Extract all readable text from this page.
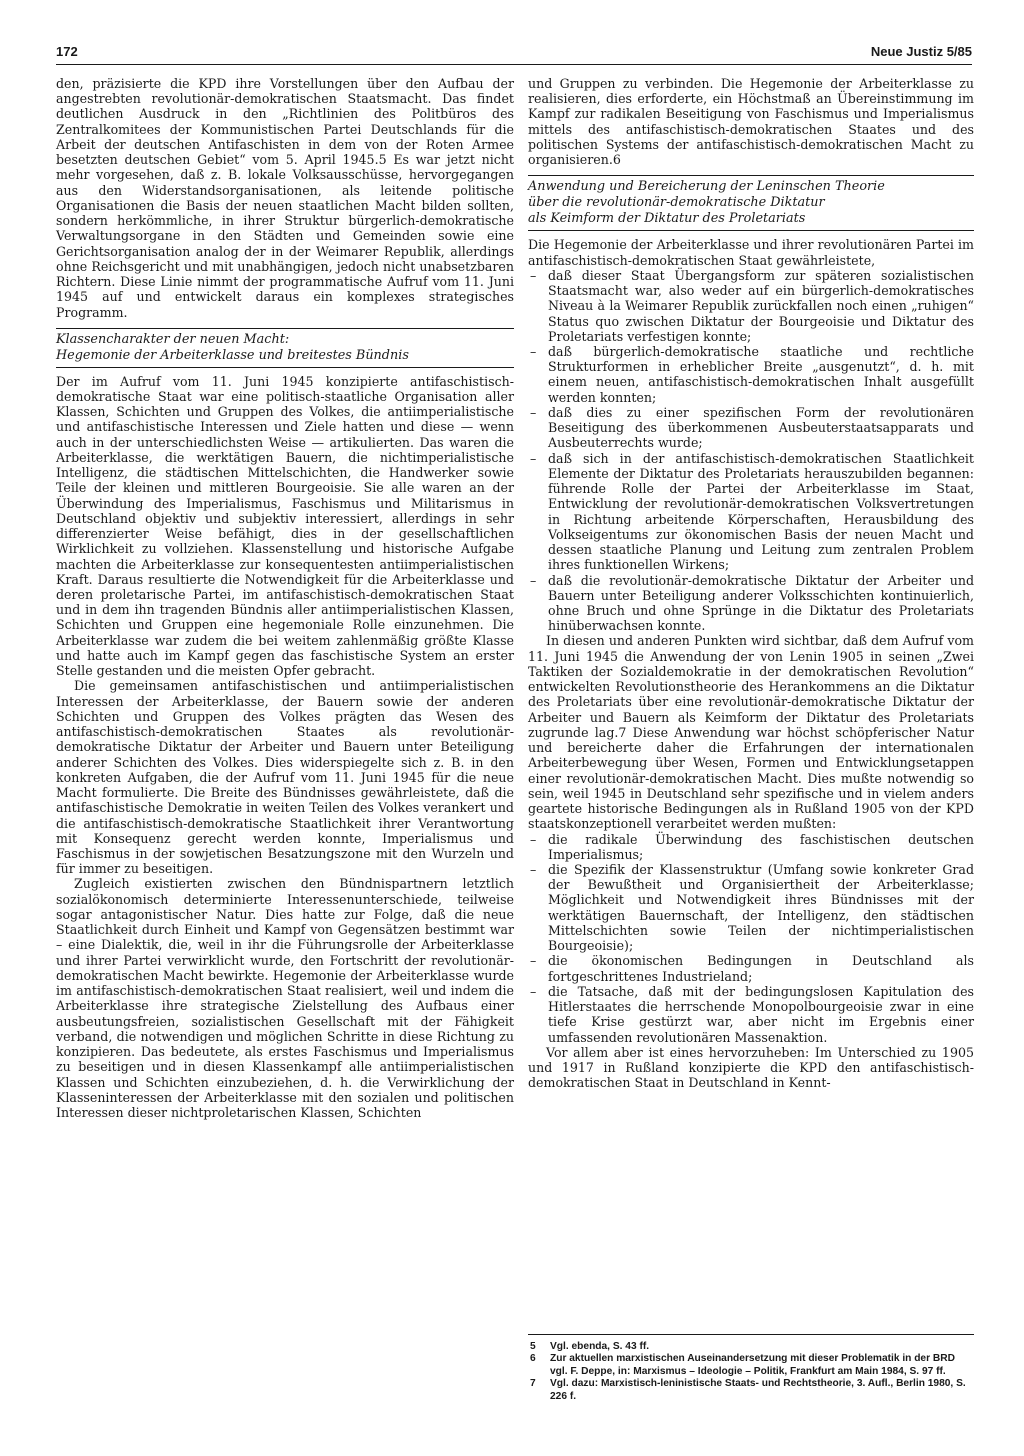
172	Neue Justiz 5/85

den, präzisierte die KPD ihre Vorstellungen über den Aufbau der angestrebten revolutionär-demokratischen Staatsmacht. Das findet deutlichen Ausdruck in den „Richtlinien des Politbüros des Zentralkomitees der Kommunistischen Partei Deutschlands für die Arbeit der deutschen Antifaschisten in dem von der Roten Armee besetzten deutschen Gebiet“ vom 5. April 1945.5 Es war jetzt nicht mehr vorgesehen, daß z. B. lokale Volksausschüsse, hervorgegangen aus den Widerstandsorganisationen, als leitende politische Organisationen die Basis der neuen staatlichen Macht bilden sollten, sondern herkömmliche, in ihrer Struktur bürgerlich-demokratische Verwaltungsorgane in den Städten und Gemeinden sowie eine Gerichtsorganisation analog der in der Weimarer Republik, allerdings ohne Reichsgericht und mit unabhängigen, jedoch nicht unabsetzbaren Richtern. Diese Linie nimmt der programmatische Aufruf vom 11. Juni 1945 auf und entwickelt daraus ein komplexes strategisches Programm.

Klassencharakter der neuen Macht:
Hegemonie der Arbeiterklasse und breitestes Bündnis

Der im Aufruf vom 11. Juni 1945 konzipierte antifaschistisch-demokratische Staat war eine politisch-staatliche Organisation aller Klassen, Schichten und Gruppen des Volkes, die antiimperialistische und antifaschistische Interessen und Ziele hatten und diese — wenn auch in der unterschiedlichsten Weise — artikulierten. Das waren die Arbeiterklasse, die werktätigen Bauern, die nichtimperialistische Intelligenz, die städtischen Mittelschichten, die Handwerker sowie Teile der kleinen und mittleren Bourgeoisie. Sie alle waren an der Überwindung des Imperialismus, Faschismus und Militarismus in Deutschland objektiv und subjektiv interessiert, allerdings in sehr differenzierter Weise befähigt, dies in der gesellschaftlichen Wirklichkeit zu vollziehen. Klassenstellung und historische Aufgabe machten die Arbeiterklasse zur konsequentesten antiimperialistischen Kraft. Daraus resultierte die Notwendigkeit für die Arbeiterklasse und deren proletarische Partei, im antifaschistisch-demokratischen Staat und in dem ihn tragenden Bündnis aller antiimperialistischen Klassen, Schichten und Gruppen eine hegemoniale Rolle einzunehmen. Die Arbeiterklasse war zudem die bei weitem zahlenmäßig größte Klasse und hatte auch im Kampf gegen das faschistische System an erster Stelle gestanden und die meisten Opfer gebracht.

Die gemeinsamen antifaschistischen und antiimperialistischen Interessen der Arbeiterklasse, der Bauern sowie der anderen Schichten und Gruppen des Volkes prägten das Wesen des antifaschistisch-demokratischen Staates als revolutionär-demokratische Diktatur der Arbeiter und Bauern unter Beteiligung anderer Schichten des Volkes. Dies widerspiegelte sich z. B. in den konkreten Aufgaben, die der Aufruf vom 11. Juni 1945 für die neue Macht formulierte. Die Breite des Bündnisses gewährleistete, daß die antifaschistische Demokratie in weiten Teilen des Volkes verankert und die antifaschistisch-demokratische Staatlichkeit ihrer Verantwortung mit Konsequenz gerecht werden konnte, Imperialismus und Faschismus in der sowjetischen Besatzungszone mit den Wurzeln und für immer zu beseitigen.

Zugleich existierten zwischen den Bündnispartnern letztlich sozialökonomisch determinierte Interessenunterschiede, teilweise sogar antagonistischer Natur. Dies hatte zur Folge, daß die neue Staatlichkeit durch Einheit und Kampf von Gegensätzen bestimmt war – eine Dialektik, die, weil in ihr die Führungsrolle der Arbeiterklasse und ihrer Partei verwirklicht wurde, den Fortschritt der revolutionär-demokratischen Macht bewirkte. Hegemonie der Arbeiterklasse wurde im antifaschistisch-demokratischen Staat realisiert, weil und indem die Arbeiterklasse ihre strategische Zielstellung des Aufbaus einer ausbeutungsfreien, sozialistischen Gesellschaft mit der Fähigkeit verband, die notwendigen und möglichen Schritte in diese Richtung zu konzipieren. Das bedeutete, als erstes Faschismus und Imperialismus zu beseitigen und in diesen Klassenkampf alle antiimperialistischen Klassen und Schichten einzubeziehen, d. h. die Verwirklichung der Klasseninteressen der Arbeiterklasse mit den sozialen und politischen Interessen dieser nichtproletarischen Klassen, Schichten

und Gruppen zu verbinden. Die Hegemonie der Arbeiterklasse zu realisieren, dies erforderte, ein Höchstmaß an Übereinstimmung im Kampf zur radikalen Beseitigung von Faschismus und Imperialismus mittels des antifaschistisch-demokratischen Staates und des politischen Systems der antifaschistisch-demokratischen Macht zu organisieren.6

Anwendung und Bereicherung der Leninschen Theorie
über die revolutionär-demokratische Diktatur
als Keimform der Diktatur des Proletariats

Die Hegemonie der Arbeiterklasse und ihrer revolutionären Partei im antifaschistisch-demokratischen Staat gewährleistete,

– daß dieser Staat Übergangsform zur späteren sozialistischen Staatsmacht war, also weder auf ein bürgerlich-demokratisches Niveau à la Weimarer Republik zurückfallen noch einen „ruhigen“ Status quo zwischen Diktatur der Bourgeoisie und Diktatur des Proletariats verfestigen konnte;
– daß bürgerlich-demokratische staatliche und rechtliche Strukturformen in erheblicher Breite „ausgenutzt“, d. h. mit einem neuen, antifaschistisch-demokratischen Inhalt ausgefüllt werden konnten;
– daß dies zu einer spezifischen Form der revolutionären Beseitigung des überkommenen Ausbeuterstaatsapparats und Ausbeuterrechts wurde;
– daß sich in der antifaschistisch-demokratischen Staatlichkeit Elemente der Diktatur des Proletariats herauszubilden begannen: führende Rolle der Partei der Arbeiterklasse im Staat, Entwicklung der revolutionär-demokratischen Volksvertretungen in Richtung arbeitende Körperschaften, Herausbildung des Volkseigentums zur ökonomischen Basis der neuen Macht und dessen staatliche Planung und Leitung zum zentralen Problem ihres funktionellen Wirkens;
– daß die revolutionär-demokratische Diktatur der Arbeiter und Bauern unter Beteiligung anderer Volksschichten kontinuierlich, ohne Bruch und ohne Sprünge in die Diktatur des Proletariats hinüberwachsen konnte.

In diesen und anderen Punkten wird sichtbar, daß dem Aufruf vom 11. Juni 1945 die Anwendung der von Lenin 1905 in seinen „Zwei Taktiken der Sozialdemokratie in der demokratischen Revolution“ entwickelten Revolutionstheorie des Herankommens an die Diktatur des Proletariats über eine revolutionär-demokratische Diktatur der Arbeiter und Bauern als Keimform der Diktatur des Proletariats zugrunde lag.7 Diese Anwendung war höchst schöpferischer Natur und bereicherte daher die Erfahrungen der internationalen Arbeiterbewegung über Wesen, Formen und Entwicklungsetappen einer revolutionär-demokratischen Macht. Dies mußte notwendig so sein, weil 1945 in Deutschland sehr spezifische und in vielem anders geartete historische Bedingungen als in Rußland 1905 von der KPD staatskonzeptionell verarbeitet werden mußten:

– die radikale Überwindung des faschistischen deutschen Imperialismus;
– die Spezifik der Klassenstruktur (Umfang sowie konkreter Grad der Bewußtheit und Organisiertheit der Arbeiterklasse; Möglichkeit und Notwendigkeit ihres Bündnisses mit der werktätigen Bauernschaft, der Intelligenz, den städtischen Mittelschichten sowie Teilen der nichtimperialistischen Bourgeoisie);
– die ökonomischen Bedingungen in Deutschland als fortgeschrittenes Industrieland;
– die Tatsache, daß mit der bedingungslosen Kapitulation des Hitlerstaates die herrschende Monopolbourgeoisie zwar in eine tiefe Krise gestürzt war, aber nicht im Ergebnis einer umfassenden revolutionären Massenaktion.

Vor allem aber ist eines hervorzuheben: Im Unterschied zu 1905 und 1917 in Rußland konzipierte die KPD den antifaschistisch-demokratischen Staat in Deutschland in Kennt-

5 Vgl. ebenda, S. 43 ff.
6 Zur aktuellen marxistischen Auseinandersetzung mit dieser Problematik in der BRD vgl. F. Deppe, in: Marxismus – Ideologie – Politik, Frankfurt am Main 1984, S. 97 ff.
7 Vgl. dazu: Marxistisch-leninistische Staats- und Rechtstheorie, 3. Aufl., Berlin 1980, S. 226 f.
